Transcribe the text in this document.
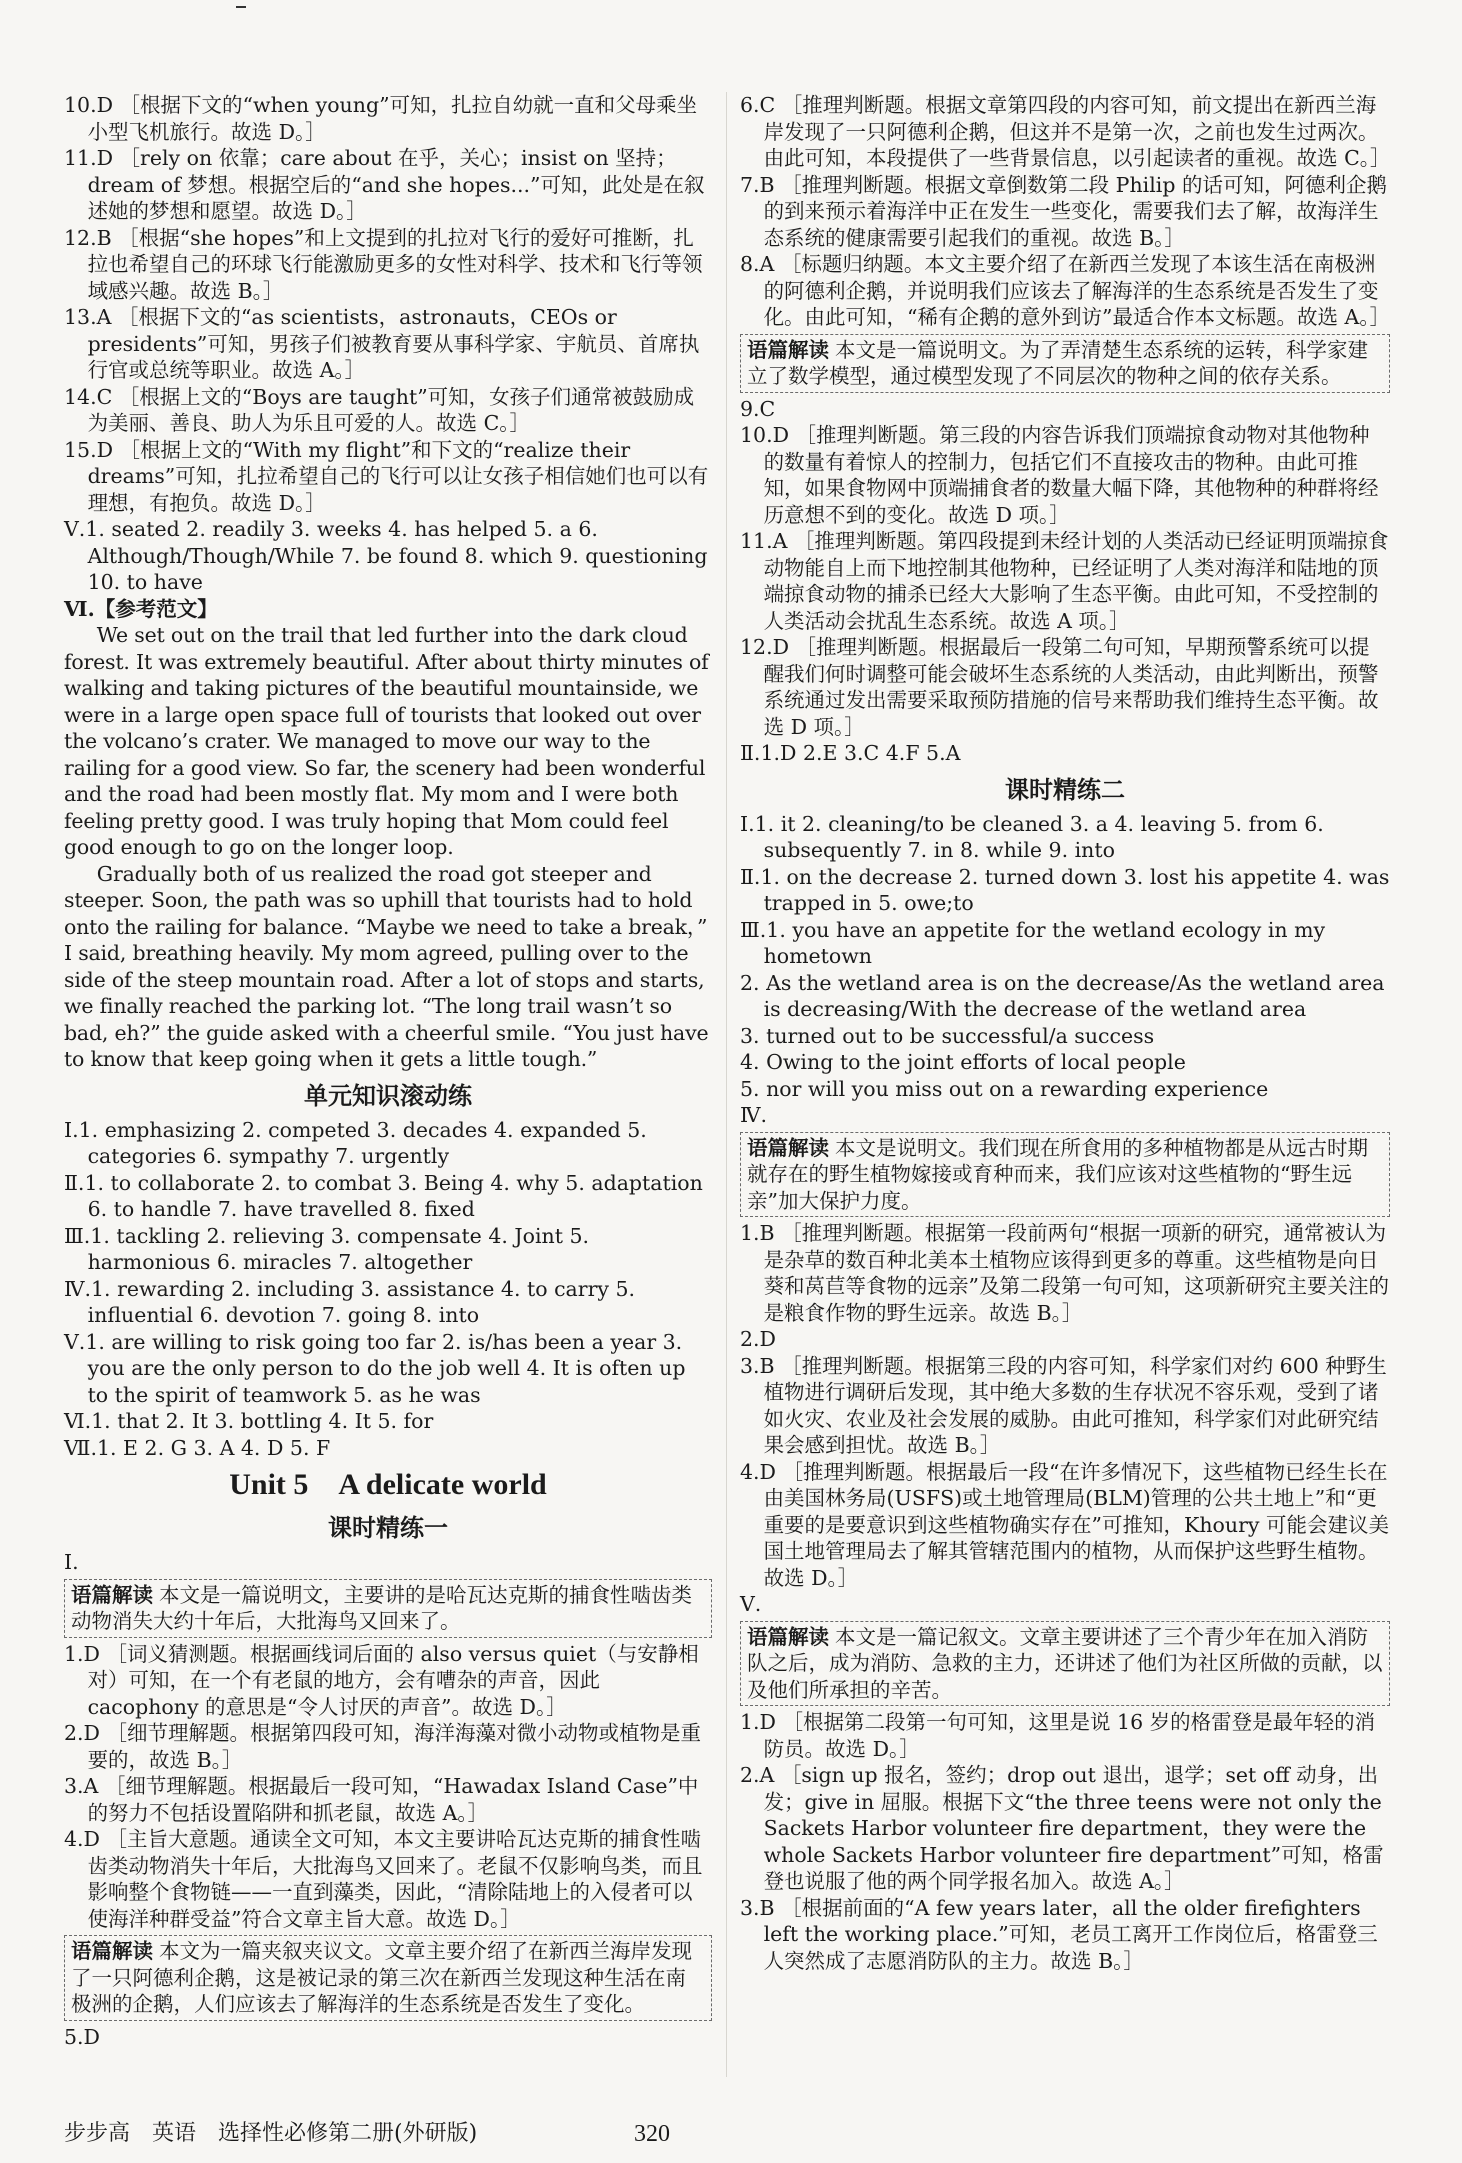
10.D ［根据下文的“when young”可知，扎拉自幼就一直和父母乘坐小型飞机旅行。故选 D。］

11.D ［rely on 依靠；care about 在乎，关心；insist on 坚持；dream of 梦想。根据空后的“and she hopes...”可知，此处是在叙述她的梦想和愿望。故选 D。］

12.B ［根据“she hopes”和上文提到的扎拉对飞行的爱好可推断，扎拉也希望自己的环球飞行能激励更多的女性对科学、技术和飞行等领域感兴趣。故选 B。］

13.A ［根据下文的“as scientists，astronauts，CEOs or presidents”可知，男孩子们被教育要从事科学家、宇航员、首席执行官或总统等职业。故选 A。］

14.C ［根据上文的“Boys are taught”可知，女孩子们通常被鼓励成为美丽、善良、助人为乐且可爱的人。故选 C。］

15.D ［根据上文的“With my flight”和下文的“realize their dreams”可知，扎拉希望自己的飞行可以让女孩子相信她们也可以有理想，有抱负。故选 D。］

Ⅴ.1. seated 2. readily 3. weeks 4. has helped 5. a 6. Although/Though/While 7. be found 8. which 9. questioning 10. to have

Ⅵ.【参考范文】

We set out on the trail that led further into the dark cloud forest. It was extremely beautiful. After about thirty minutes of walking and taking pictures of the beautiful mountainside, we were in a large open space full of tourists that looked out over the volcano’s crater. We managed to move our way to the railing for a good view. So far, the scenery had been wonderful and the road had been mostly flat. My mom and I were both feeling pretty good. I was truly hoping that Mom could feel good enough to go on the longer loop.

Gradually both of us realized the road got steeper and steeper. Soon, the path was so uphill that tourists had to hold onto the railing for balance. “Maybe we need to take a break，” I said, breathing heavily. My mom agreed, pulling over to the side of the steep mountain road. After a lot of stops and starts, we finally reached the parking lot. “The long trail wasn’t so bad, eh?” the guide asked with a cheerful smile. “You just have to know that keep going when it gets a little tough.”

单元知识滚动练

Ⅰ.1. emphasizing 2. competed 3. decades 4. expanded 5. categories 6. sympathy 7. urgently

Ⅱ.1. to collaborate 2. to combat 3. Being 4. why 5. adaptation 6. to handle 7. have travelled 8. fixed

Ⅲ.1. tackling 2. relieving 3. compensate 4. Joint 5. harmonious 6. miracles 7. altogether

Ⅳ.1. rewarding 2. including 3. assistance 4. to carry 5. influential 6. devotion 7. going 8. into

Ⅴ.1. are willing to risk going too far 2. is/has been a year 3. you are the only person to do the job well 4. It is often up to the spirit of teamwork 5. as he was

Ⅵ.1. that 2. It 3. bottling 4. It 5. for

Ⅶ.1. E 2. G 3. A 4. D 5. F

Unit 5　A delicate world
课时精练一

Ⅰ.

语篇解读 本文是一篇说明文，主要讲的是哈瓦达克斯的捕食性啮齿类动物消失大约十年后，大批海鸟又回来了。

1.D ［词义猜测题。根据画线词后面的 also versus quiet（与安静相对）可知，在一个有老鼠的地方，会有嘈杂的声音，因此 cacophony 的意思是“令人讨厌的声音”。故选 D。］

2.D ［细节理解题。根据第四段可知，海洋海藻对微小动物或植物是重要的，故选 B。］

3.A ［细节理解题。根据最后一段可知，“Hawadax Island Case”中的努力不包括设置陷阱和抓老鼠，故选 A。］

4.D ［主旨大意题。通读全文可知，本文主要讲哈瓦达克斯的捕食性啮齿类动物消失十年后，大批海鸟又回来了。老鼠不仅影响鸟类，而且影响整个食物链——一直到藻类，因此，“清除陆地上的入侵者可以使海洋种群受益”符合文章主旨大意。故选 D。］

语篇解读 本文为一篇夹叙夹议文。文章主要介绍了在新西兰海岸发现了一只阿德利企鹅，这是被记录的第三次在新西兰发现这种生活在南极洲的企鹅，人们应该去了解海洋的生态系统是否发生了变化。

5.D

6.C ［推理判断题。根据文章第四段的内容可知，前文提出在新西兰海岸发现了一只阿德利企鹅，但这并不是第一次，之前也发生过两次。由此可知，本段提供了一些背景信息，以引起读者的重视。故选 C。］

7.B ［推理判断题。根据文章倒数第二段 Philip 的话可知，阿德利企鹅的到来预示着海洋中正在发生一些变化，需要我们去了解，故海洋生态系统的健康需要引起我们的重视。故选 B。］

8.A ［标题归纳题。本文主要介绍了在新西兰发现了本该生活在南极洲的阿德利企鹅，并说明我们应该去了解海洋的生态系统是否发生了变化。由此可知，“稀有企鹅的意外到访”最适合作本文标题。故选 A。］

语篇解读 本文是一篇说明文。为了弄清楚生态系统的运转，科学家建立了数学模型，通过模型发现了不同层次的物种之间的依存关系。

9.C

10.D ［推理判断题。第三段的内容告诉我们顶端掠食动物对其他物种的数量有着惊人的控制力，包括它们不直接攻击的物种。由此可推知，如果食物网中顶端捕食者的数量大幅下降，其他物种的种群将经历意想不到的变化。故选 D 项。］

11.A ［推理判断题。第四段提到未经计划的人类活动已经证明顶端掠食动物能自上而下地控制其他物种，已经证明了人类对海洋和陆地的顶端掠食动物的捕杀已经大大影响了生态平衡。由此可知，不受控制的人类活动会扰乱生态系统。故选 A 项。］

12.D ［推理判断题。根据最后一段第二句可知，早期预警系统可以提醒我们何时调整可能会破坏生态系统的人类活动，由此判断出，预警系统通过发出需要采取预防措施的信号来帮助我们维持生态平衡。故选 D 项。］

Ⅱ.1.D 2.E 3.C 4.F 5.A

课时精练二

Ⅰ.1. it 2. cleaning/to be cleaned 3. a 4. leaving 5. from 6. subsequently 7. in 8. while 9. into

Ⅱ.1. on the decrease 2. turned down 3. lost his appetite 4. was trapped in 5. owe;to

Ⅲ.1. you have an appetite for the wetland ecology in my hometown

2. As the wetland area is on the decrease/As the wetland area is decreasing/With the decrease of the wetland area

3. turned out to be successful/a success

4. Owing to the joint efforts of local people

5. nor will you miss out on a rewarding experience

Ⅳ.

语篇解读 本文是说明文。我们现在所食用的多种植物都是从远古时期就存在的野生植物嫁接或育种而来，我们应该对这些植物的“野生远亲”加大保护力度。

1.B ［推理判断题。根据第一段前两句“根据一项新的研究，通常被认为是杂草的数百种北美本土植物应该得到更多的尊重。这些植物是向日葵和莴苣等食物的远亲”及第二段第一句可知，这项新研究主要关注的是粮食作物的野生远亲。故选 B。］

2.D

3.B ［推理判断题。根据第三段的内容可知，科学家们对约 600 种野生植物进行调研后发现，其中绝大多数的生存状况不容乐观，受到了诸如火灾、农业及社会发展的威胁。由此可推知，科学家们对此研究结果会感到担忧。故选 B。］

4.D ［推理判断题。根据最后一段“在许多情况下，这些植物已经生长在由美国林务局(USFS)或土地管理局(BLM)管理的公共土地上”和“更重要的是要意识到这些植物确实存在”可推知，Khoury 可能会建议美国土地管理局去了解其管辖范围内的植物，从而保护这些野生植物。故选 D。］

Ⅴ.

语篇解读 本文是一篇记叙文。文章主要讲述了三个青少年在加入消防队之后，成为消防、急救的主力，还讲述了他们为社区所做的贡献，以及他们所承担的辛苦。

1.D ［根据第二段第一句可知，这里是说 16 岁的格雷登是最年轻的消防员。故选 D。］

2.A ［sign up 报名，签约；drop out 退出，退学；set off 动身，出发；give in 屈服。根据下文“the three teens were not only the Sackets Harbor volunteer fire department，they were the whole Sackets Harbor volunteer fire department”可知，格雷登也说服了他的两个同学报名加入。故选 A。］

3.B ［根据前面的“A few years later，all the older firefighters left the working place.”可知，老员工离开工作岗位后，格雷登三人突然成了志愿消防队的主力。故选 B。］

步步高　英语　选择性必修第二册(外研版)	320
